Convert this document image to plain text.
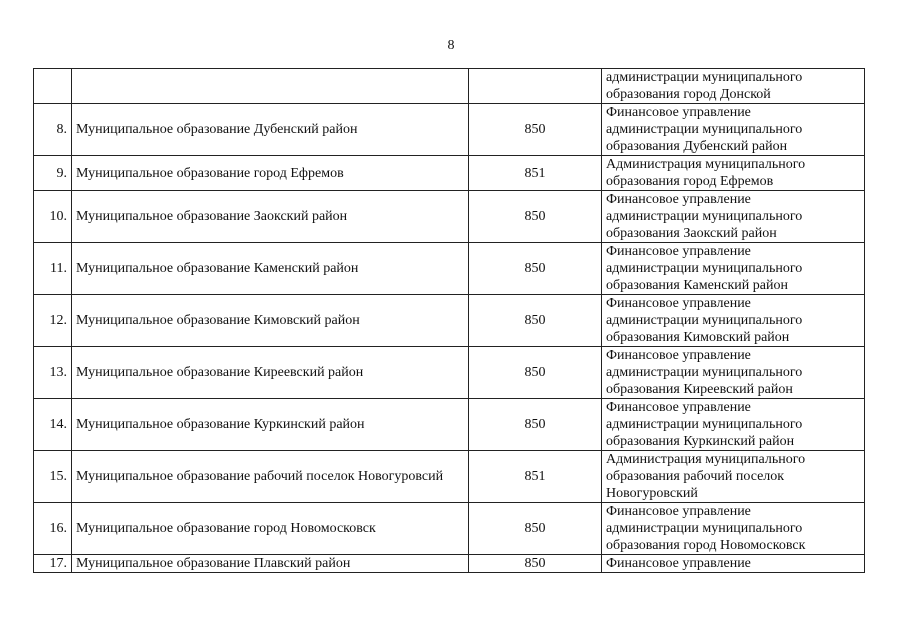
8

			администрации муниципального
образования город Донской

8.	Муниципальное образование Дубенский район	850	Финансовое управление
администрации муниципального
образования Дубенский район

9.	Муниципальное образование город Ефремов	851	Администрация муниципального
образования город Ефремов

10.	Муниципальное образование Заокский район	850	Финансовое управление
администрации муниципального
образования Заокский район

11.	Муниципальное образование Каменский район	850	Финансовое управление
администрации муниципального
образования Каменский район

12.	Муниципальное образование Кимовский район	850	Финансовое управление
администрации муниципального
образования Кимовский район

13.	Муниципальное образование Киреевский район	850	Финансовое управление
администрации муниципального
образования Киреевский район

14.	Муниципальное образование Куркинский район	850	Финансовое управление
администрации муниципального
образования Куркинский район

15.	Муниципальное образование рабочий поселок Новогуровсий	851	Администрация муниципального
образования рабочий поселок
Новогуровский

16.	Муниципальное образование город Новомосковск	850	Финансовое управление
администрации муниципального
образования город Новомосковск

17.	Муниципальное образование Плавский район	850	Финансовое управление
